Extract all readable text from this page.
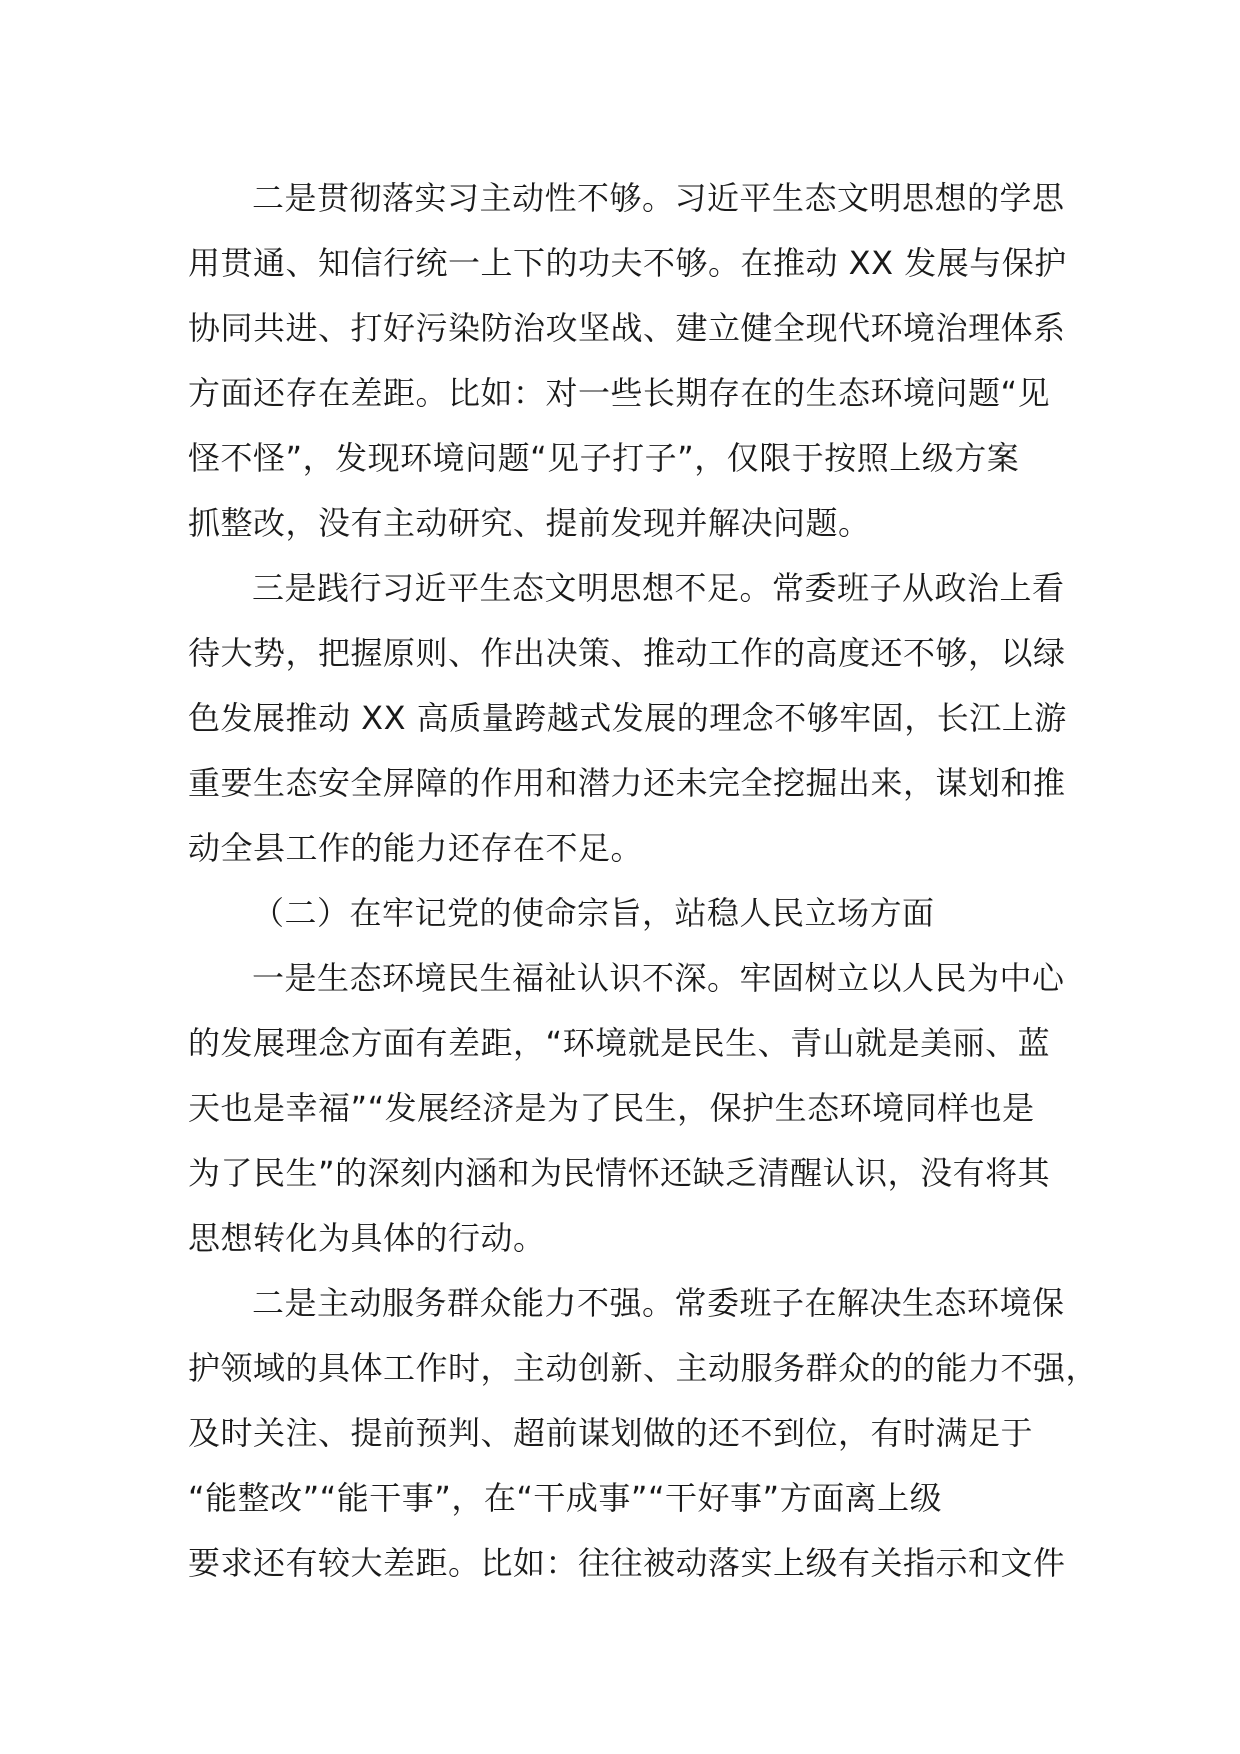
二是贯彻落实习主动性不够。习近平生态文明思想的学思
用贯通、知信行统一上下的功夫不够。在推动 XX 发展与保护
协同共进、打好污染防治攻坚战、建立健全现代环境治理体系
方面还存在差距。比如：对一些长期存在的生态环境问题“见
怪不怪”，发现环境问题“见子打子”，仅限于按照上级方案
抓整改，没有主动研究、提前发现并解决问题。
三是践行习近平生态文明思想不足。常委班子从政治上看
待大势，把握原则、作出决策、推动工作的高度还不够，以绿
色发展推动 XX 高质量跨越式发展的理念不够牢固，长江上游
重要生态安全屏障的作用和潜力还未完全挖掘出来，谋划和推
动全县工作的能力还存在不足。
（二）在牢记党的使命宗旨，站稳人民立场方面
一是生态环境民生福祉认识不深。牢固树立以人民为中心
的发展理念方面有差距，“环境就是民生、青山就是美丽、蓝
天也是幸福”“发展经济是为了民生，保护生态环境同样也是
为了民生”的深刻内涵和为民情怀还缺乏清醒认识，没有将其
思想转化为具体的行动。
二是主动服务群众能力不强。常委班子在解决生态环境保
护领域的具体工作时，主动创新、主动服务群众的的能力不强，
及时关注、提前预判、超前谋划做的还不到位，有时满足于
“能整改”“能干事”，在“干成事”“干好事”方面离上级
要求还有较大差距。比如：往往被动落实上级有关指示和文件
